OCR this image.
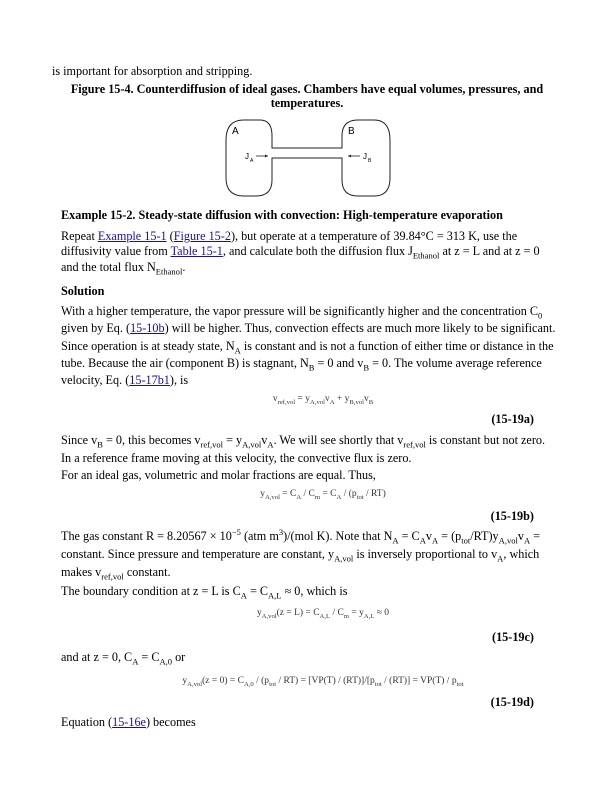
is important for absorption and stripping.
Figure 15-4. Counterdiffusion of ideal gases. Chambers have equal volumes, pressures, and
temperatures.
A	B
J A	J B
Example 15-2. Steady-state diffusion with convection: High-temperature evaporation
Repeat Example 15-1 (Figure 15-2), but operate at a temperature of 39.84°C = 313 K, use the
diffusivity value from Table 15-1, and calculate both the diffusion flux $J_{Ethanol}$ at z = L and at z = 0
and the total flux $N_{Ethanol}$.
Solution
With a higher temperature, the vapor pressure will be significantly higher and the concentration $C_0$
given by Eq. (15-10b) will be higher. Thus, convection effects are much more likely to be significant.
Since operation is at steady state, $N_A$ is constant and is not a function of either time or distance in the
tube. Because the air (component B) is stagnant, $N_B = 0$ and $v_B = 0$. The volume average reference
velocity, Eq. (15-17b1), is
$v_{ref,vol} = y_{A,vol}v_A + y_{B,vol}v_B$
(15-19a)
Since $v_B = 0$, this becomes $v_{ref,vol} = y_{A,vol}v_A$. We will see shortly that $v_{ref,vol}$ is constant but not zero.
In a reference frame moving at this velocity, the convective flux is zero.
For an ideal gas, volumetric and molar fractions are equal. Thus,
$y_{A,vol} = C_A / C_m = C_A / (p_{tot} / RT)$
(15-19b)
The gas constant $R = 8.20567 \times 10^{-5}$ (atm $m^3)/(mol$ K). Note that $N_A = C_Av_A = (p_{tot}/RT)y_{A,vol}v_A$ =
constant. Since pressure and temperature are constant, $y_{A,vol}$ is inversely proportional to $v_A$, which
makes $v_{ref,vol}$ constant.
The boundary condition at z = L is $C_A = C_{A,L} \approx 0$, which is
$y_{A,vol}(z = L) = C_{A,L} / C_m = y_{A,L} \approx 0$
(15-19c)
and at z = 0, $C_A = C_{A,0}$ or
$y_{A,vol}(z = 0) = C_{A,0} / (p_{tot} / RT) = [VP(T) / (RT)]/[p_{tot} / (RT)] = VP(T) / p_{tot}$
(15-19d)
Equation (15-16e) becomes
